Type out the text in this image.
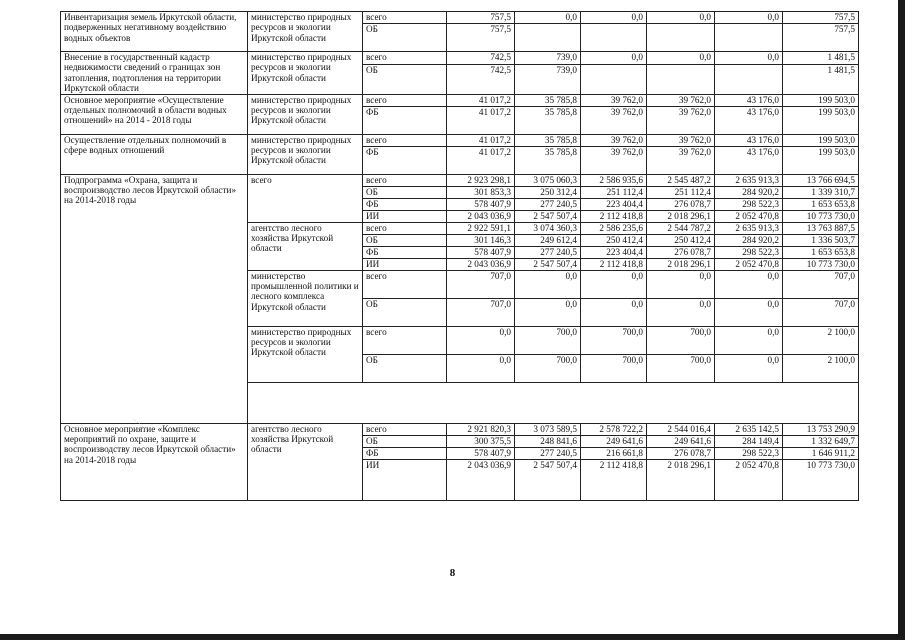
Инвентаризация земель Иркутской области, подверженных негативному воздействию водных объектов	министерство природных ресурсов и экологии Иркутской области	всего	757,5	0,0	0,0	0,0	0,0	757,5
		ОБ	757,5					757,5
Внесение в государственный кадастр недвижимости сведений о границах зон затопления, подтопления на территории Иркутской области	министерство природных ресурсов и экологии Иркутской области	всего	742,5	739,0	0,0	0,0	0,0	1 481,5
		ОБ	742,5	739,0				1 481,5
Основное мероприятие «Осуществление отдельных полномочий в области водных отношений» на 2014 - 2018 годы	министерство природных ресурсов и экологии Иркутской области	всего	41 017,2	35 785,8	39 762,0	39 762,0	43 176,0	199 503,0
		ФБ	41 017,2	35 785,8	39 762,0	39 762,0	43 176,0	199 503,0
Осуществление отдельных полномочий в сфере водных отношений	министерство природных ресурсов и экологии Иркутской области	всего	41 017,2	35 785,8	39 762,0	39 762,0	43 176,0	199 503,0
		ФБ	41 017,2	35 785,8	39 762,0	39 762,0	43 176,0	199 503,0
Подпрограмма «Охрана, защита и воспроизводство лесов Иркутской области» на 2014-2018 годы	всего	всего	2 923 298,1	3 075 060,3	2 586 935,6	2 545 487,2	2 635 913,3	13 766 694,5
		ОБ	301 853,3	250 312,4	251 112,4	251 112,4	284 920,2	1 339 310,7
		ФБ	578 407,9	277 240,5	223 404,4	276 078,7	298 522,3	1 653 653,8
		ИИ	2 043 036,9	2 547 507,4	2 112 418,8	2 018 296,1	2 052 470,8	10 773 730,0
	агентство лесного хозяйства Иркутской области	всего	2 922 591,1	3 074 360,3	2 586 235,6	2 544 787,2	2 635 913,3	13 763 887,5
		ОБ	301 146,3	249 612,4	250 412,4	250 412,4	284 920,2	1 336 503,7
		ФБ	578 407,9	277 240,5	223 404,4	276 078,7	298 522,3	1 653 653,8
		ИИ	2 043 036,9	2 547 507,4	2 112 418,8	2 018 296,1	2 052 470,8	10 773 730,0
	министерство промышленной политики и лесного комплекса Иркутской области	всего	707,0	0,0	0,0	0,0	0,0	707,0
		ОБ	707,0	0,0	0,0	0,0	0,0	707,0
	министерство природных ресурсов и экологии Иркутской области	всего	0,0	700,0	700,0	700,0	0,0	2 100,0
		ОБ	0,0	700,0	700,0	700,0	0,0	2 100,0

Основное мероприятие «Комплекс мероприятий по охране, защите и воспроизводству лесов Иркутской области» на 2014-2018 годы	агентство лесного хозяйства Иркутской области	всего	2 921 820,3	3 073 589,5	2 578 722,2	2 544 016,4	2 635 142,5	13 753 290,9
		ОБ	300 375,5	248 841,6	249 641,6	249 641,6	284 149,4	1 332 649,7
		ФБ	578 407,9	277 240,5	216 661,8	276 078,7	298 522,3	1 646 911,2
		ИИ	2 043 036,9	2 547 507,4	2 112 418,8	2 018 296,1	2 052 470,8	10 773 730,0
8
